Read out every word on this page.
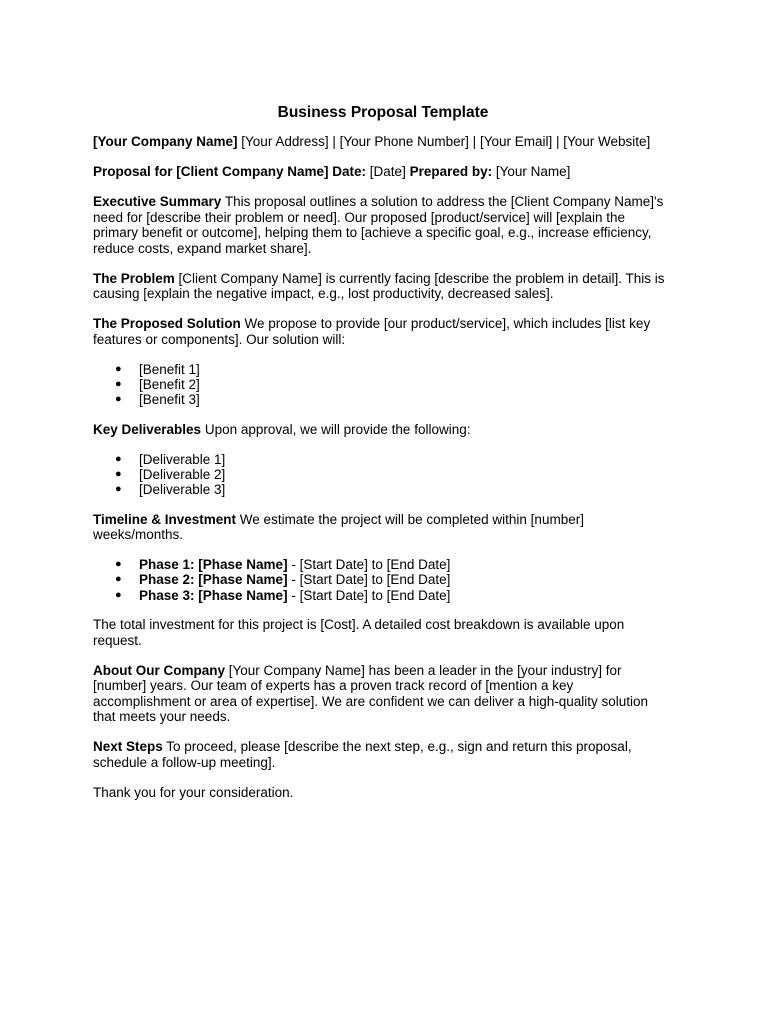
Business Proposal Template

[Your Company Name] [Your Address] | [Your Phone Number] | [Your Email] | [Your Website]

Proposal for [Client Company Name] Date: [Date] Prepared by: [Your Name]

Executive Summary This proposal outlines a solution to address the [Client Company Name]'s need for [describe their problem or need]. Our proposed [product/service] will [explain the primary benefit or outcome], helping them to [achieve a specific goal, e.g., increase efficiency, reduce costs, expand market share].

The Problem [Client Company Name] is currently facing [describe the problem in detail]. This is causing [explain the negative impact, e.g., lost productivity, decreased sales].

The Proposed Solution We propose to provide [our product/service], which includes [list key features or components]. Our solution will:

● [Benefit 1]
● [Benefit 2]
● [Benefit 3]

Key Deliverables Upon approval, we will provide the following:

● [Deliverable 1]
● [Deliverable 2]
● [Deliverable 3]

Timeline & Investment We estimate the project will be completed within [number] weeks/months.

● Phase 1: [Phase Name] - [Start Date] to [End Date]
● Phase 2: [Phase Name] - [Start Date] to [End Date]
● Phase 3: [Phase Name] - [Start Date] to [End Date]

The total investment for this project is [Cost]. A detailed cost breakdown is available upon request.

About Our Company [Your Company Name] has been a leader in the [your industry] for [number] years. Our team of experts has a proven track record of [mention a key accomplishment or area of expertise]. We are confident we can deliver a high-quality solution that meets your needs.

Next Steps To proceed, please [describe the next step, e.g., sign and return this proposal, schedule a follow-up meeting].

Thank you for your consideration.
